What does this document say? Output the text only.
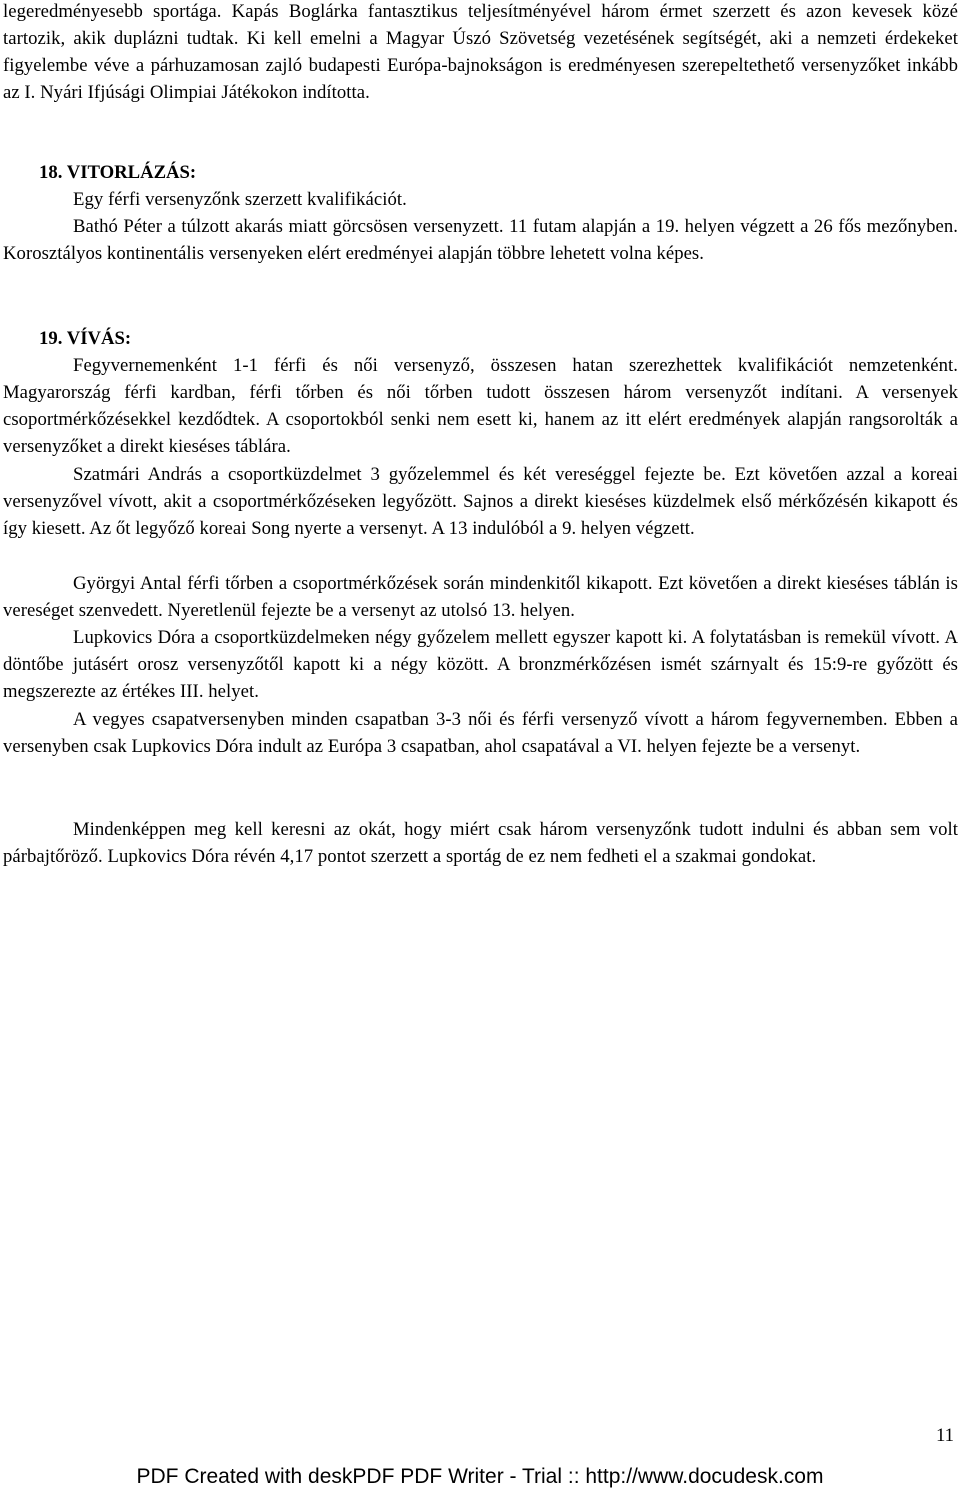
legeredményesebb sportága. Kapás Boglárka fantasztikus teljesítményével három érmet szerzett és azon kevesek közé tartozik, akik duplázni tudtak. Ki kell emelni a Magyar Úszó Szövetség vezetésének segítségét, aki a nemzeti érdekeket figyelembe véve a párhuzamosan zajló budapesti Európa-bajnokságon is eredményesen szerepeltethető versenyzőket inkább az I. Nyári Ifjúsági Olimpiai Játékokon indította.

18. VITORLÁZÁS:

Egy férfi versenyzőnk szerzett kvalifikációt.

Bathó Péter a túlzott akarás miatt görcsösen versenyzett. 11 futam alapján a 19. helyen végzett a 26 fős mezőnyben. Korosztályos kontinentális versenyeken elért eredményei alapján többre lehetett volna képes.

19. VÍVÁS:

Fegyvernemenként 1-1 férfi és női versenyző, összesen hatan szerezhettek kvalifikációt nemzetenként. Magyarország férfi kardban, férfi tőrben és női tőrben tudott összesen három versenyzőt indítani. A versenyek csoportmérkőzésekkel kezdődtek. A csoportokból senki nem esett ki, hanem az itt elért eredmények alapján rangsorolták a versenyzőket a direkt kieséses táblára.

Szatmári András a csoportküzdelmet 3 győzelemmel és két vereséggel fejezte be. Ezt követően azzal a koreai versenyzővel vívott, akit a csoportmérkőzéseken legyőzött. Sajnos a direkt kieséses küzdelmek első mérkőzésén kikapott és így kiesett. Az őt legyőző koreai Song nyerte a versenyt. A 13 indulóból a 9. helyen végzett.

Györgyi Antal férfi tőrben a csoportmérkőzések során mindenkitől kikapott. Ezt követően a direkt kieséses táblán is vereséget szenvedett. Nyeretlenül fejezte be a versenyt az utolsó 13. helyen.

Lupkovics Dóra a csoportküzdelmeken négy győzelem mellett egyszer kapott ki. A folytatásban is remekül vívott. A döntőbe jutásért orosz versenyzőtől kapott ki a négy között. A bronzmérkőzésen ismét szárnyalt és 15:9-re győzött és megszerezte az értékes III. helyet.

A vegyes csapatversenyben minden csapatban 3-3 női és férfi versenyző vívott a három fegyvernemben. Ebben a versenyben csak Lupkovics Dóra indult az Európa 3 csapatban, ahol csapatával a VI. helyen fejezte be a versenyt.

Mindenképpen meg kell keresni az okát, hogy miért csak három versenyzőnk tudott indulni és abban sem volt párbajtőröző. Lupkovics Dóra révén 4,17 pontot szerzett a sportág de ez nem fedheti el a szakmai gondokat.

11
PDF Created with deskPDF PDF Writer - Trial :: http://www.docudesk.com
